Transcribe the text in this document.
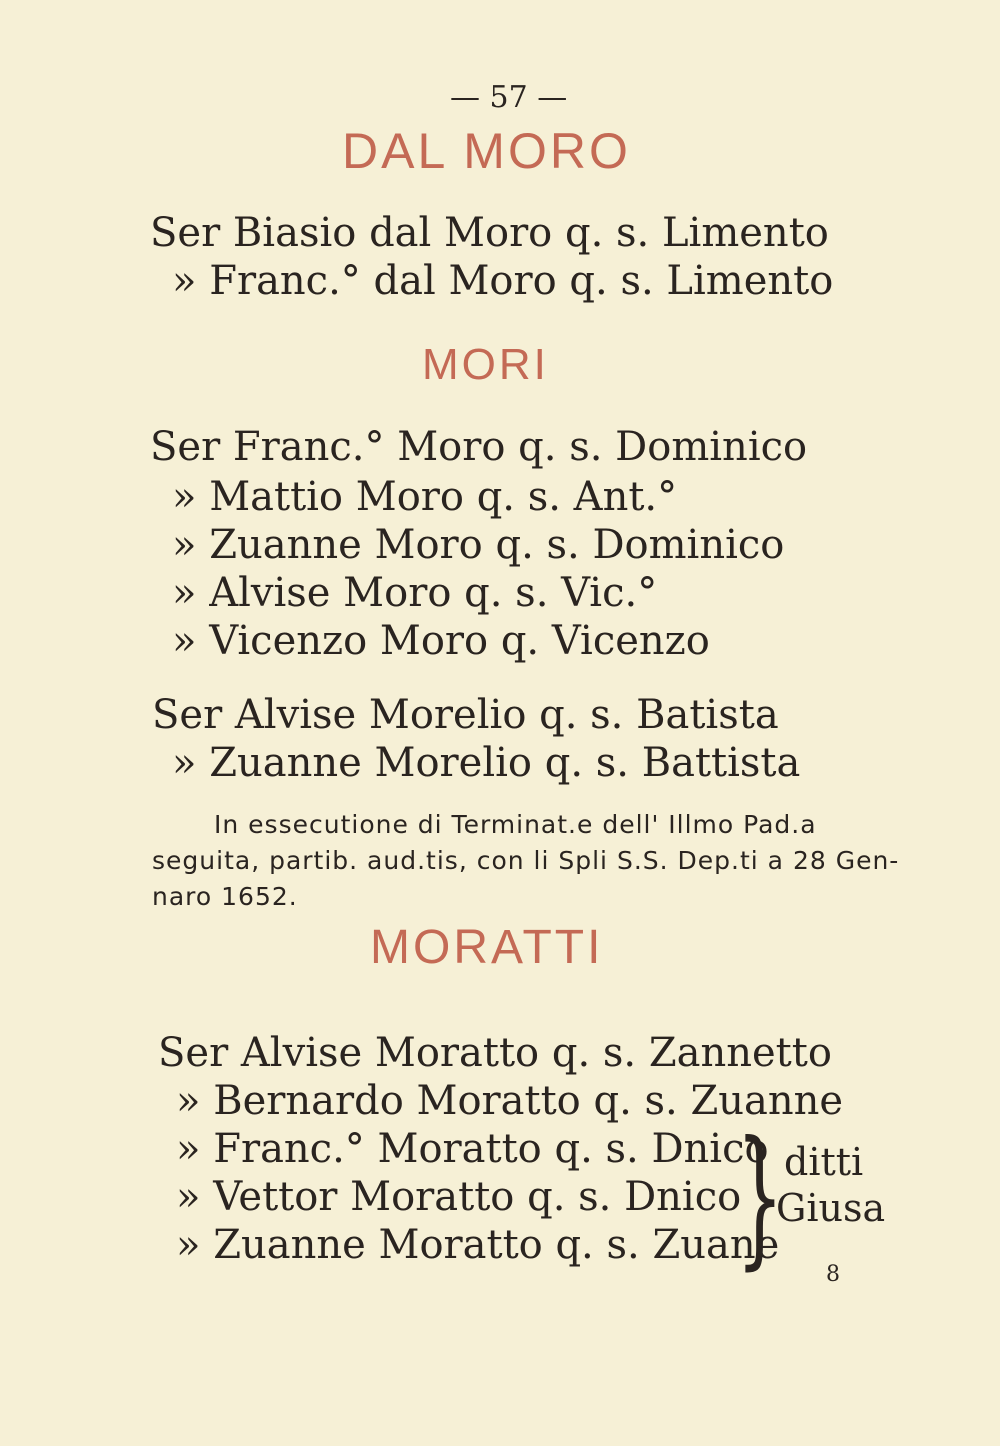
— 57 —
DAL MORO
Ser Biasio dal Moro q. s. Limento
» Franc.° dal Moro q. s. Limento
MORI
Ser Franc.° Moro q. s. Dominico
» Mattio Moro q. s. Ant.°
» Zuanne Moro q. s. Dominico
» Alvise Moro q. s. Vic.°
» Vicenzo Moro q. Vicenzo
Ser Alvise Morelio q. s. Batista
» Zuanne Morelio q. s. Battista
In essecutione di Terminat.e dell' Illmo Pad.a
seguita, partib. aud.tis, con li Spli S.S. Dep.ti a 28 Gen-
naro 1652.
MORATTI
Ser Alvise Moratto q. s. Zannetto
» Bernardo Moratto q. s. Zuanne
» Franc.° Moratto q. s. Dnico
» Vettor Moratto q. s. Dnico
» Zuanne Moratto q. s. Zuane
} ditti
Giusa
8
